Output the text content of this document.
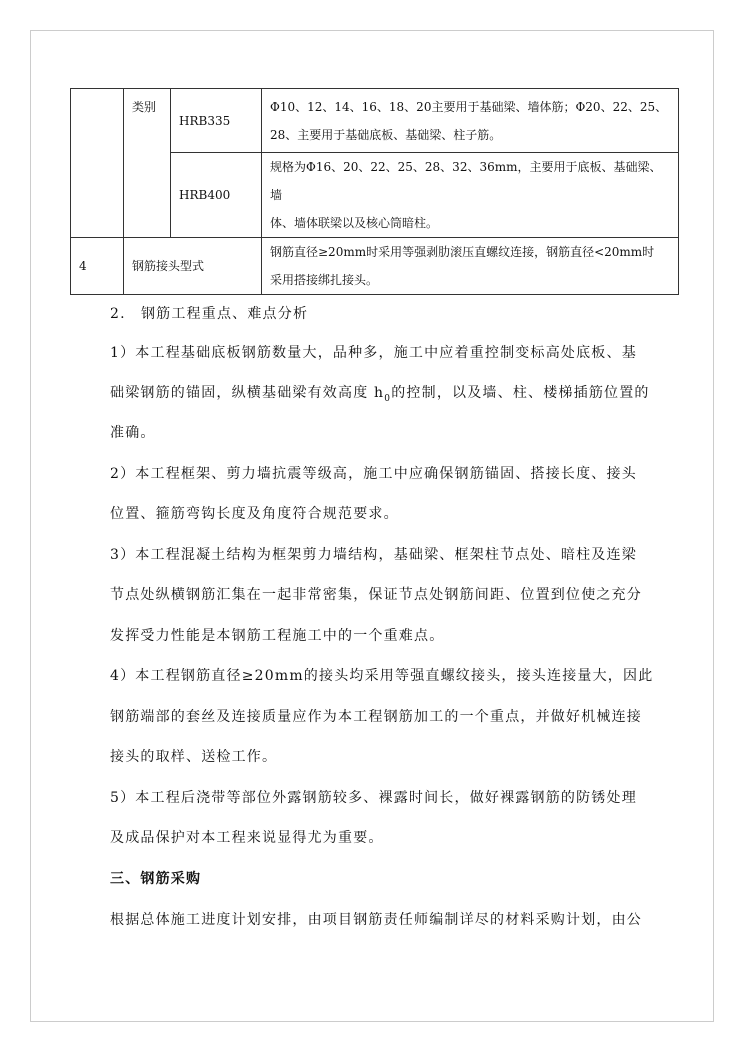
	类别	HRB335	Φ10、12、14、16、18、20主要用于基础梁、墙体筋；Φ20、22、25、
28、主要用于基础底板、基础梁、柱子筋。

		HRB400	规格为Φ16、20、22、25、28、32、36mm，主要用于底板、基础梁、墙
体、墙体联梁以及核心筒暗柱。

4	钢筋接头型式		钢筋直径≥20mm时采用等强剥肋滚压直螺纹连接，钢筋直径<20mm时
采用搭接绑扎接头。
2.　钢筋工程重点、难点分析
1）本工程基础底板钢筋数量大，品种多，施工中应着重控制变标高处底板、基
础梁钢筋的锚固，纵横基础梁有效高度 $h_0$的控制，以及墙、柱、楼梯插筋位置的
准确。
2）本工程框架、剪力墙抗震等级高，施工中应确保钢筋锚固、搭接长度、接头
位置、箍筋弯钩长度及角度符合规范要求。
3）本工程混凝土结构为框架剪力墙结构，基础梁、框架柱节点处、暗柱及连梁
节点处纵横钢筋汇集在一起非常密集，保证节点处钢筋间距、位置到位使之充分
发挥受力性能是本钢筋工程施工中的一个重难点。
4）本工程钢筋直径≥20mm的接头均采用等强直螺纹接头，接头连接量大，因此
钢筋端部的套丝及连接质量应作为本工程钢筋加工的一个重点，并做好机械连接
接头的取样、送检工作。
5）本工程后浇带等部位外露钢筋较多、裸露时间长，做好裸露钢筋的防锈处理
及成品保护对本工程来说显得尤为重要。
三、钢筋采购
根据总体施工进度计划安排，由项目钢筋责任师编制详尽的材料采购计划，由公
